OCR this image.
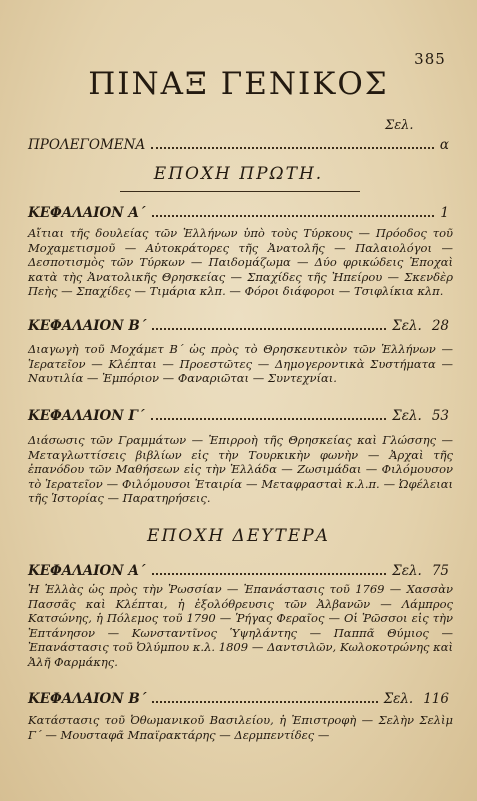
385
ΠΙΝΑΞ ΓΕΝΙΚΟΣ
Σελ.
ΠΡΟΛΕΓΟΜΕΝΑ	α
ΕΠΟΧΗ ΠΡΩΤΗ.
ΚΕΦΑΛΑΙΟΝ Α΄	1

Αἴτιαι τῆς δουλείας τῶν Ἑλλήνων ὑπὸ τοὺς Τύρκους — Πρόοδος τοῦ Μοχαμετισμοῦ — Αὐτοκράτορες τῆς Ἀνατολῆς — Παλαιολόγοι — Δεσποτισμὸς τῶν Τύρκων — Παιδομάζωμα — Δύο φρικώδεις Ἐποχαὶ κατὰ τὴς Ἀνατολικῆς Θρησκείας — Σπαχίδες τῆς Ἠπείρου — Σκενδὲρ Πεὴς — Σπαχίδες — Τιμάρια κλπ. — Φόροι διάφοροι — Τσιφλίκια κλπ.

ΚΕΦΑΛΑΙΟΝ Β΄	Σελ. 28

Διαγωγὴ τοῦ Μοχάμετ Β΄ ὡς πρὸς τὸ Θρησκευτικὸν τῶν Ἑλλήνων — Ἱερατεῖον — Κλέπται — Προεστῶτες — Δημογεροντικὰ Συστήματα — Ναυτιλία — Ἐμπόριον — Φαναριῶται — Συντεχνίαι.

ΚΕΦΑΛΑΙΟΝ Γ΄	Σελ. 53

Διάσωσις τῶν Γραμμάτων — Ἐπιρροὴ τῆς Θρησκείας καὶ Γλώσσης — Μεταγλωττίσεις βιβλίων εἰς τὴν Τουρκικὴν φωνὴν — Ἀρχαὶ τῆς ἐπανόδου τῶν Μαθήσεων εἰς τὴν Ἑλλάδα — Ζωσιμάδαι — Φιλόμουσον τὸ Ἱερατεῖον — Φιλόμουσοι Ἑταιρία — Μεταφρασταὶ κ.λ.π. — Ὠφέλειαι τῆς Ἱστορίας — Παρατηρήσεις.

ΕΠΟΧΗ ΔΕΥΤΕΡΑ
ΚΕΦΑΛΑΙΟΝ Α΄	Σελ. 75

Ἡ Ἑλλὰς ὡς πρὸς τὴν Ῥωσσίαν — Ἐπανάστασις τοῦ 1769 — Χασσὰν Πασσᾶς καὶ Κλέπται, ἡ ἐξολόθρευσις τῶν Ἀλβανῶν — Λάμπρος Κατσώνης, ἡ Πόλεμος τοῦ 1790 — Ῥήγας Φεραῖος — Οἱ Ῥῶσσοι εἰς τὴν Ἑπτάνησον — Κωνσταντῖνος Ὑψηλάντης — Παππᾶ Θύμιος — Ἐπανάστασις τοῦ Ὀλύμπου κ.λ. 1809 — Δαντσιλῶν, Κωλοκοτρώνης καὶ Ἀλῆ Φαρμάκης.

ΚΕΦΑΛΑΙΟΝ Β΄	Σελ. 116

Κατάστασις τοῦ Ὀθωμανικοῦ Βασιλείου, ἡ Ἐπιστροφὴ — Σελὴν Σελὶμ Γ΄ — Μουσταφᾶ Μπαϊρακτάρης — Δερμπεντίδες —
